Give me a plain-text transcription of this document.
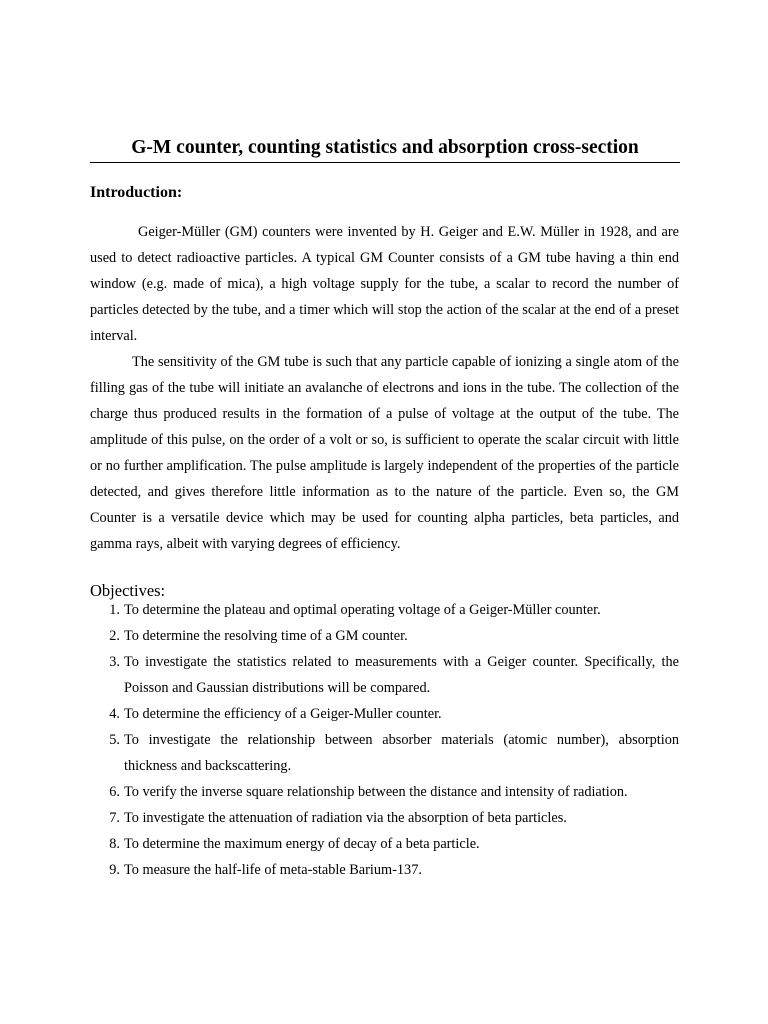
G-M counter, counting statistics and absorption cross-section
Introduction:

Geiger-Müller (GM) counters were invented by H. Geiger and E.W. Müller in 1928, and are used to detect radioactive particles. A typical GM Counter consists of a GM tube having a thin end window (e.g. made of mica), a high voltage supply for the tube, a scalar to record the number of particles detected by the tube, and a timer which will stop the action of the scalar at the end of a preset interval.

The sensitivity of the GM tube is such that any particle capable of ionizing a single atom of the filling gas of the tube will initiate an avalanche of electrons and ions in the tube. The collection of the charge thus produced results in the formation of a pulse of voltage at the output of the tube. The amplitude of this pulse, on the order of a volt or so, is sufficient to operate the scalar circuit with little or no further amplification. The pulse amplitude is largely independent of the properties of the particle detected, and gives therefore little information as to the nature of the particle. Even so, the GM Counter is a versatile device which may be used for counting alpha particles, beta particles, and gamma rays, albeit with varying degrees of efficiency.

Objectives:
1. To determine the plateau and optimal operating voltage of a Geiger-Müller counter.
2. To determine the resolving time of a GM counter.
3. To investigate the statistics related to measurements with a Geiger counter. Specifically, the Poisson and Gaussian distributions will be compared.
4. To determine the efficiency of a Geiger-Muller counter.
5. To investigate the relationship between absorber materials (atomic number), absorption thickness and backscattering.
6. To verify the inverse square relationship between the distance and intensity of radiation.
7. To investigate the attenuation of radiation via the absorption of beta particles.
8. To determine the maximum energy of decay of a beta particle.
9. To measure the half-life of meta-stable Barium-137.
